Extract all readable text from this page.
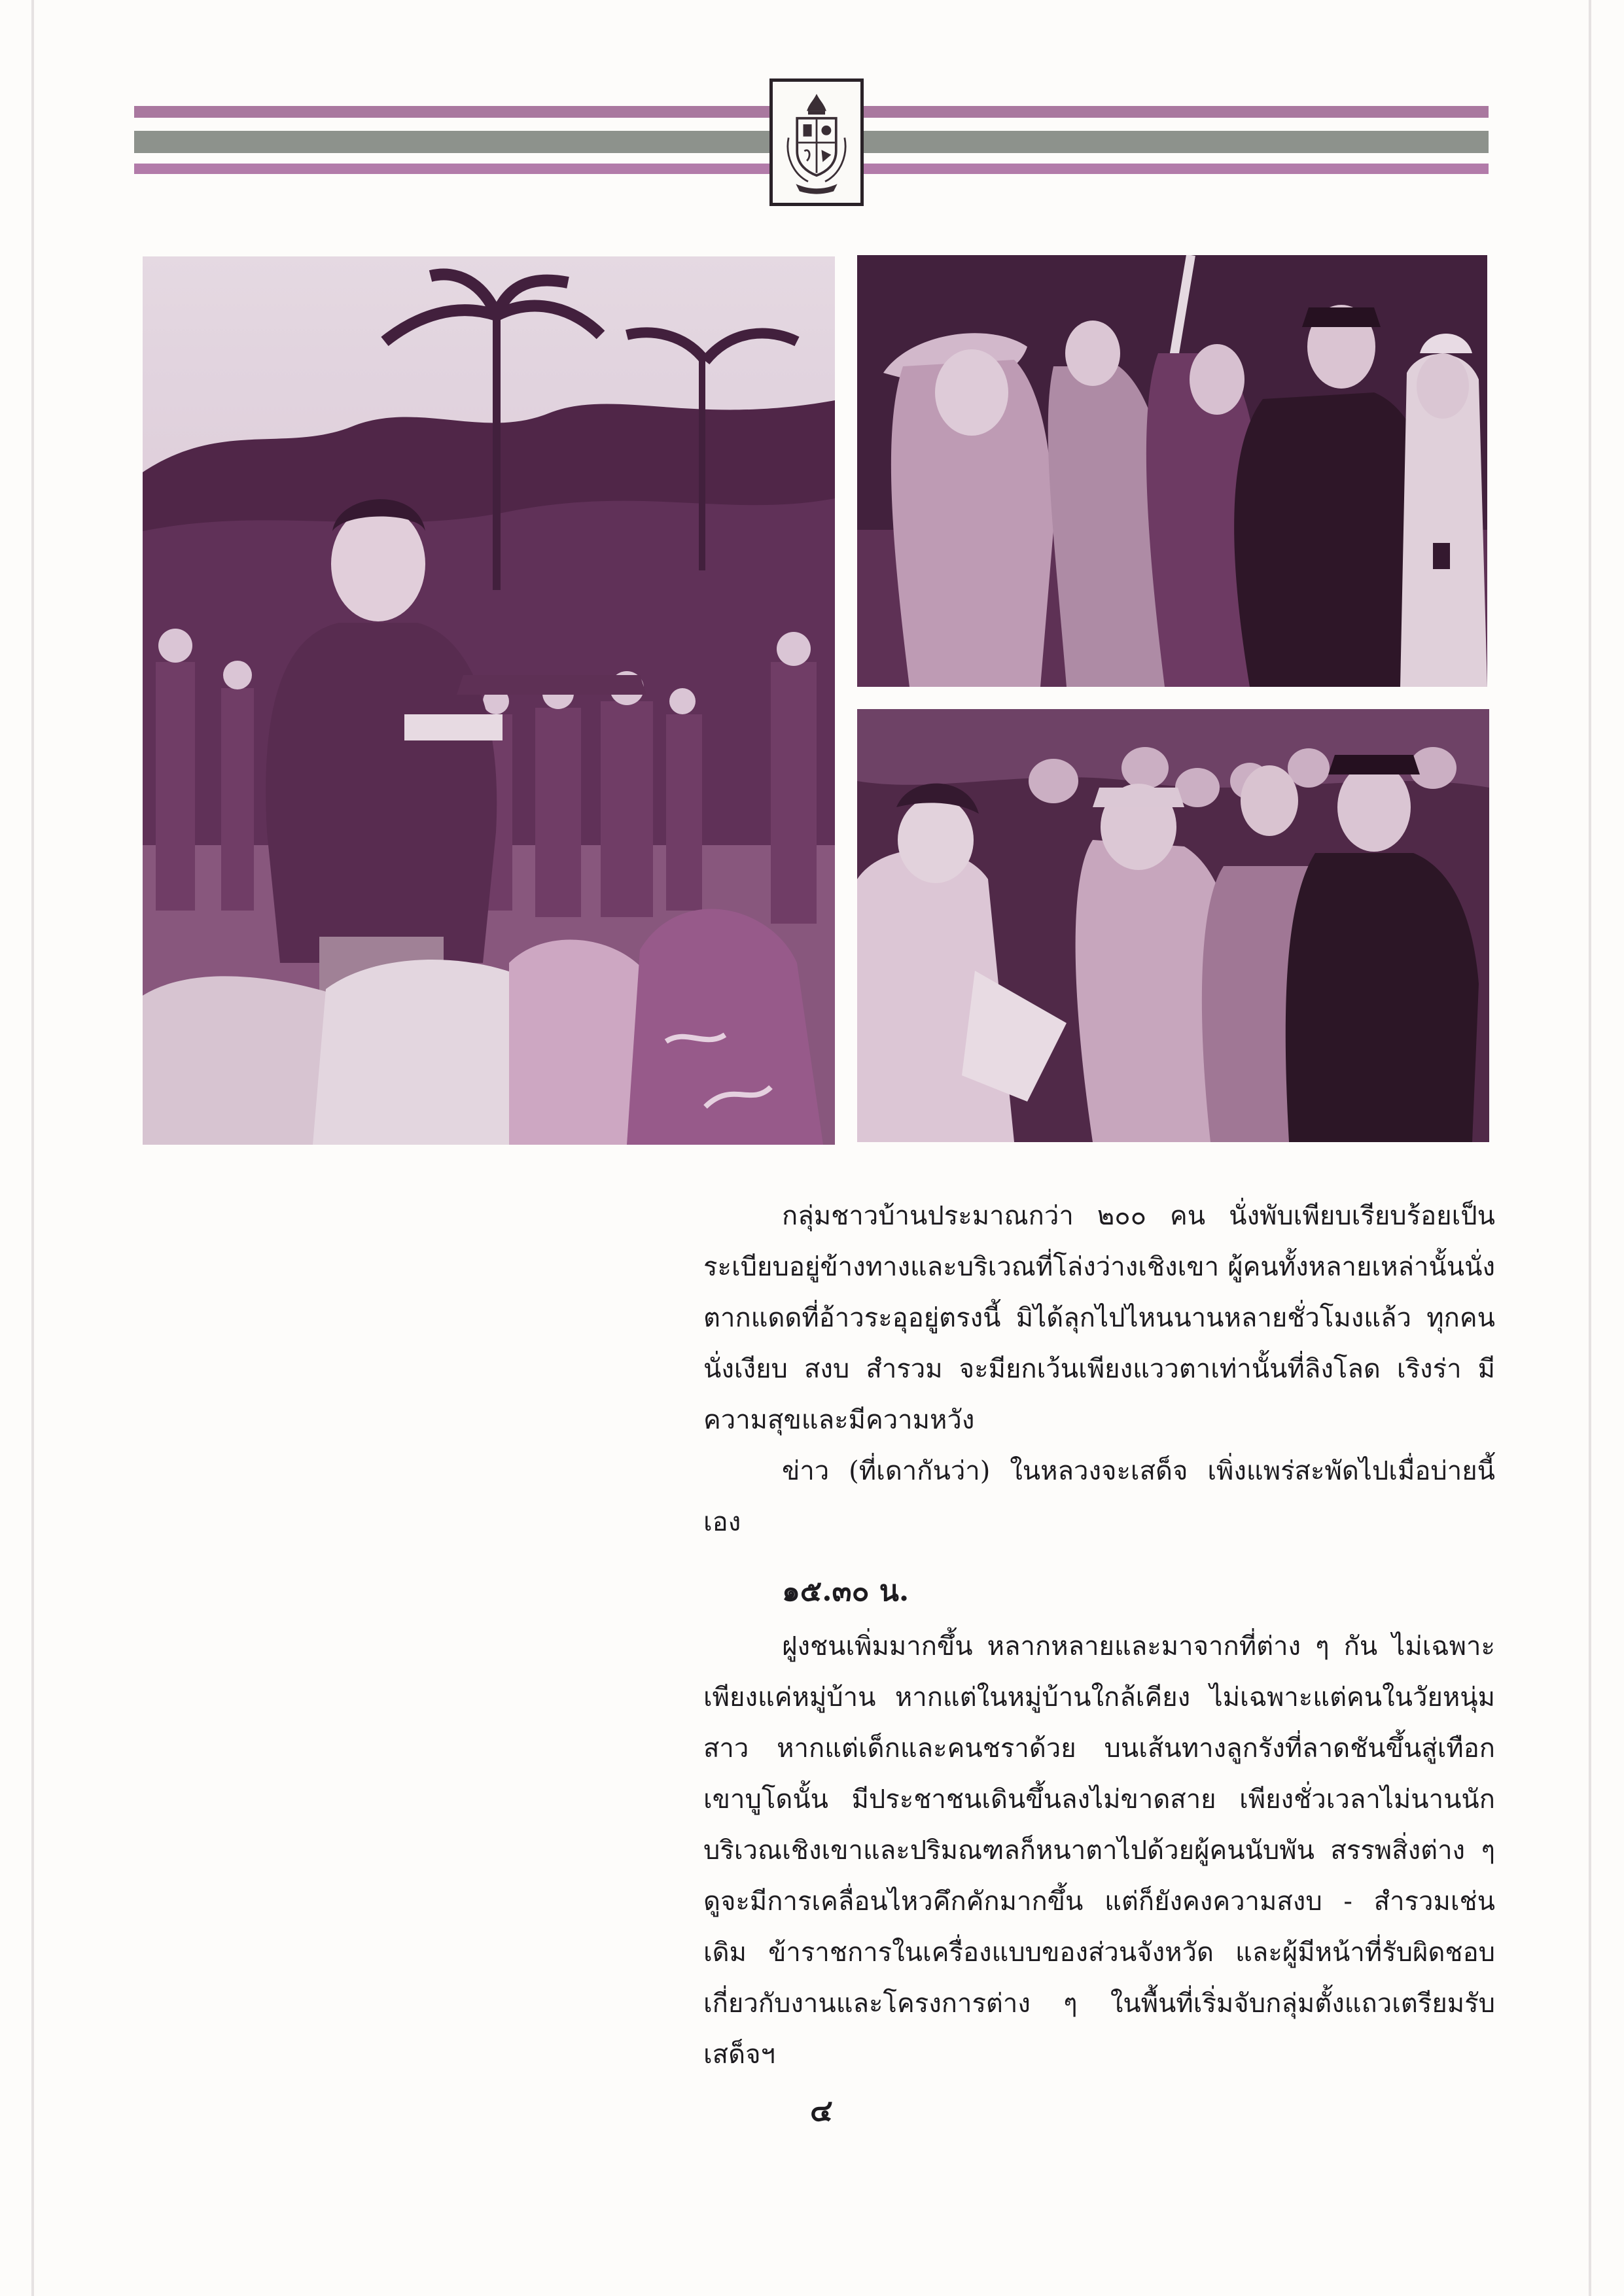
กลุ่มชาวบ้านประมาณกว่า ๒๐๐ คน นั่งพับเพียบเรียบร้อยเป็นระเบียบอยู่ข้างทางและบริเวณที่โล่งว่างเชิงเขา ผู้คนทั้งหลายเหล่านั้นนั่งตากแดดที่อ้าวระอุอยู่ตรงนี้ มิได้ลุกไปไหนนานหลายชั่วโมงแล้ว ทุกคนนั่งเงียบ สงบ สำรวม จะมียกเว้นเพียงแววตาเท่านั้นที่ลิงโลด เริงร่า มีความสุขและมีความหวัง

ข่าว (ที่เดากันว่า) ในหลวงจะเสด็จ เพิ่งแพร่สะพัดไปเมื่อบ่ายนี้เอง

๑๕.๓๐ น.

ฝูงชนเพิ่มมากขึ้น หลากหลายและมาจากที่ต่าง ๆ กัน ไม่เฉพาะเพียงแค่หมู่บ้าน หากแต่ในหมู่บ้านใกล้เคียง ไม่เฉพาะแต่คนในวัยหนุ่มสาว หากแต่เด็กและคนชราด้วย บนเส้นทางลูกรังที่ลาดชันขึ้นสู่เทือกเขาบูโดนั้น มีประชาชนเดินขึ้นลงไม่ขาดสาย เพียงชั่วเวลาไม่นานนัก บริเวณเชิงเขาและปริมณฑลก็หนาตาไปด้วยผู้คนนับพัน สรรพสิ่งต่าง ๆ ดูจะมีการเคลื่อนไหวคึกคักมากขึ้น แต่ก็ยังคงความสงบ - สำรวมเช่นเดิม ข้าราชการในเครื่องแบบของส่วนจังหวัด และผู้มีหน้าที่รับผิดชอบเกี่ยวกับงานและโครงการต่าง ๆ ในพื้นที่เริ่มจับกลุ่มตั้งแถวเตรียมรับเสด็จฯ

๔
